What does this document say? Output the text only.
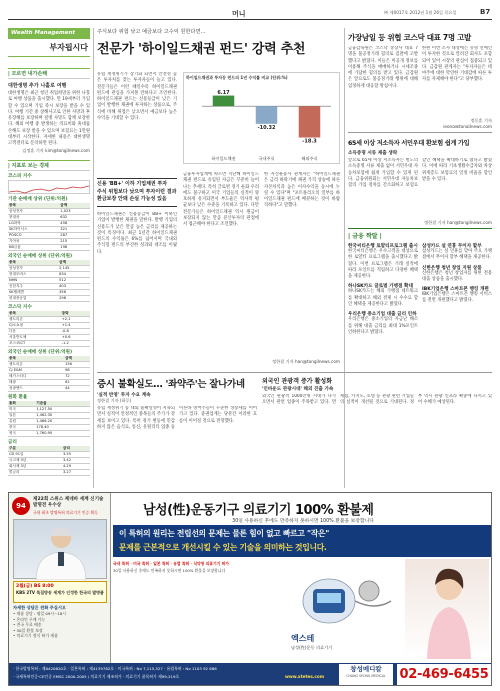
머니	㈜ 제0017호 2012년 1월 26일 목요일	B7
Wealth Management
부자됩시다
| 모르면 내가손해
대한생명 추가 나홀로 여행
대한생명은 최근 청년 취업희망을 위한 나홀로 여행 상품을 출시했다. 만 19세부터 가입할 수 있으며 가입 즉시 보장을 받을 수 있다. 여행 기간 중 상해사고로 인한 사망과 후유장해를 보장하며 질병 사망도 함께 보장한다. 해외 여행 중 발생하는 의료비와 휴대품 손해도 보장 받을 수 있으며 보험료는 1만원대부터 시작한다. 자세한 내용은 대한생명 고객센터로 문의하면 된다.
김정훈 기자 kim@tongilnews.com
| 지표로 보는 경제
코스피 지수
기관 순매매 상위 (단위:억원)
종목	금액
삼성전자	1,023
현대차	632
LG화학	458
SK하이닉스	321
POSCO	287
기아차	215
KB금융	198
외국인 순매매 상위 (단위:억원)
종목	금액
삼성전자	2,145
현대모비스	834
NHN	512
신한지주	403
SK텔레콤	356
현대중공업	298
코스닥 지수
종목	등락
셀트리온	+2.1
CJ오쇼핑	+1.4
다음	-0.8
서울반도체	+0.6
포스코ICT	-1.2
외국인 순매매 상위 (단위:억원)
종목	금액
셀트리온	156
CJ E&M	98
메가스터디	72
태광	61
성광벤드	44
원화 환율
통화	기준율
미국	1,127.50
일본	1,462.30
유럽	1,466.20
중국	178.40
영국	1,760.90
금리
구분	금리
CD 91일	3.55
국고채 3년	3.42
회사채 3년	4.29
콜금리	3.27
주식보다 위험 낮고 예금보다 고수익 원한다면…
전문가 '하이일드채권 펀드' 강력 추천
유럽 재정위기가 장기화 되면서 안전성 높은 투자처를 찾는 투자자들이 늘고 있다. 전문가들은 이런 때일수록 하이일드채권 펀드에 관심을 가져볼 만하다고 조언한다. 하이일드채권 펀드는 신용등급이 낮은 기업이 발행한 채권에 투자하는 상품으로, 주식에 비해 위험은 낮으면서 예금보다 높은 수익을 기대할 수 있다.
하이일드채권과 투자등 펀드의 1년 수익률 비교 (단위:%)
6.17
하이일드채권
-10.32
국내주식
-18.3
해외주식
신용 'BB+' 이하 기업채권 투자
주식 위험보다 낮으며 투자이런 결과
환금보장 안돼 손실 가능성 있음
하이일드채권은 신용등급이 BB+ 이하인 기업이 발행한 채권을 말한다. 발행 기업의 신용도가 낮은 만큼 높은 금리를 제공하는 것이 특징이다. 최근 1년간 하이일드채권 펀드의 수익률은 6%를 넘어서며 국내외 주식형 펀드의 부진한 성과와 대조를 이뤘다.
금융투자업계에 따르면 지난해 하이일드채권 펀드로 유입된 자금은 꾸준히 늘어나는 추세다. 특히 글로벌 경기 둔화 우려에도 불구하고 미국 기업들의 실적이 양호하게 유지되면서 부도율은 역사적 평균보다 낮은 수준을 기록하고 있다. 다만 전문가들은 하이일드채권 역시 원금이 보장되지 않는 만큼 분산투자의 관점에서 접근해야 한다고 조언했다.
한 자산운용사 관계자는 "하이일드채권은 금리 하락기에 채권 가격 상승에 따른 자본차익과 높은 이자수익을 동시에 누릴 수 있다"며 "포트폴리오의 일부를 하이일드채권 펀드에 배분하는 것이 바람직하다"고 말했다.
정한결 기자 han@tongilnews.com
가장남일 등 위협 코스닥 대표 7명 고발
금융감독원은 코스닥 상장사 대표 7명을 불공정거래 혐의로 검찰에 고발했다고 밝혔다. 이들은 미공개 정보를 이용해 주식을 매매하거나 시세조종에 가담한 혐의를 받고 있다. 금감원은 앞으로도 불공정거래 행위에 대해 엄정하게 대응할 방침이다.
한편 이번 조사 대상에는 유명 연예인이 투자한 것으로 알려진 회사도 포함되어 있어 시장의 관심이 집중되고 있다. 금감원 관계자는 "투자자들은 테마주에 대한 막연한 기대감에 따른 투자를 자제해야 한다"고 당부했다.
정동훈 기자 jeong@tongilnews.com
65세 이상 저소득자 서민우대 환보험 쉽게 가입
소득증명 서류 제출 생략
앞으로 65세 이상 저소득자는 별도의 소득증명 서류 제출 없이 서민우대 자동차보험에 쉽게 가입할 수 있게 된다. 금융위원회는 서민우대 자동차보험의 가입 절차를 간소화하고 보험료 할인 혜택을 확대하기로 했다고 밝혔다. 이에 따라 기초생활수급자와 차상위계층도 보험료의 일정 비율을 할인받을 수 있다.
정한결 기자 han@tongilnews.com
| 금융 짝딸 |
한국씨티은행 로얄티프로그램 출시
한국씨티은행은 우수고객을 대상으로 한 로얄티 프로그램을 출시했다고 밝혔다. 이번 프로그램은 거래 실적에 따라 포인트를 적립하고 다양한 혜택을 제공한다.
하나SK카드 글로벌 가맹점 확대
하나SK카드는 해외 가맹점 네트워크를 확대하고 해외 결제 시 수수료 할인 혜택을 제공한다고 밝혔다.
우리은행 중소기업 대출 금리 인하
우리은행은 중소기업의 자금난 해소를 위해 대출 금리를 최대 1%포인트 인하한다고 밝혔다.
삼성카드 설 연휴 무이자 할부
삼성카드는 설 연휴를 맞아 주요 가맹점에서 무이자 할부 혜택을 제공한다.
신한은행 청년 창업 지원 상품
신한은행은 청년 창업자를 위한 전용 대출 상품을 출시했다.
IBK기업은행 스마트폰 뱅킹 개편
IBK기업은행은 스마트폰 뱅킹 서비스를 전면 개편했다고 밝혔다.
증시 불확실도… '좌약주'는 잘나가네
'실적 반영' 투자 수요 계속
정한결 기자 (하루)
유럽 재정위기 등 대외 불확실성이 지속되면서 실적이 안정적인 종목들의 주가가 강세를 보이고 있다. 특히 경기 변동에 민감하지 않은 음식료, 통신, 유틸리티 업종 등 이른바 방어주들이 꾸준한 상승세를 이어가고 있다. 증권업계는 당분간 이러한 흐름이 이어질 것으로 전망했다.
외국인 관광객 증가 활성화
'인바운드 관광시대' 해외 진출 가속
외국인 관광객 1000만명 시대가 다가오면서 관련 업종이 주목받고 있다. 면세점, 카지노, 호텔 등 관광 관련 기업들의 실적이 개선될 것으로 기대된다. 정부 역시 관광 인프라 확충에 나서고 있어 수혜가 예상된다.
94
제22회 스위스 제네바 세계 신기술 발명전 우수상
국내 최초 발명특허 의료기기 인증 획득
2월(금) BS 8:00
KBS 2TV 특집방송 세계가 인정한 한국의 발명품
자세한 상담은 전화 주십시오
• 제품 상담 : 평일 09시~18시
• 온라인 구매 가능
• 전국 무료 배송
• 30일 환불 보장
• 의료기기 정식 허가 제품
남성(性)운동기구 의료기기 100% 환불제
30일 사용하신 후에도 만족하지 못하시면 100% 환불을 보장합니다
이 특허의 원리는 전립선의 문제는 물론 힘이 없고 빠르고 "작은"
문제를 근본적으로 개선시킬 수 있는 기술을 의미하는 것입니다.
국내 특허 · 미국 특허 · 일본 특허 · 유럽 특허 · 식약청 의료기기 허가
30일 사용하신 후에도 만족하지 못하시면 100% 환불을 보장합니다
엑스테
남성(性)운동 의료기기
· 한국발명특허 : 제0420620호 · 일본특허 : 제4139782호 · 미국특허 : No 7,115,527 · 유럽특허 : No 1103 92 686
· 국제특허인증·CE인증 EMSC 2000-2005 / 의료기기 제조허가 · 의료기기 품목허가 제99-219호	www.xtetes.com
창성메디칼
CHANG SEONG MEDICAL	02-469-6455
